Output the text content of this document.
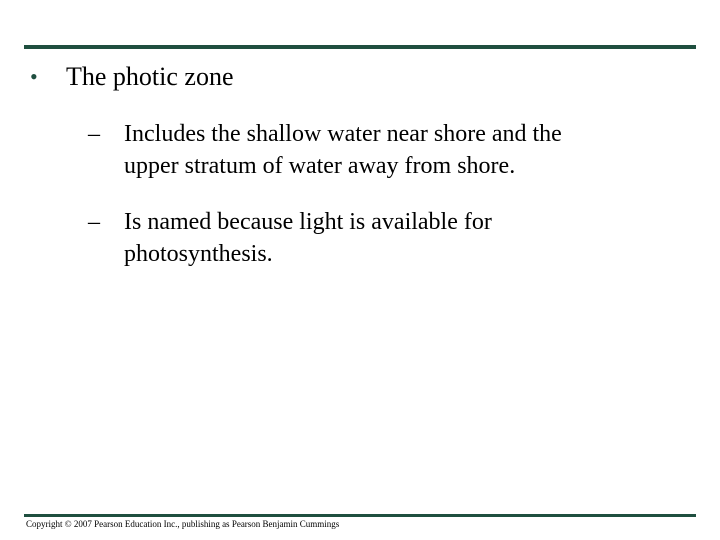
•	The photic zone
–	Includes the shallow water near shore and the
upper stratum of water away from shore.
–	Is named because light is available for
photosynthesis.
Copyright © 2007 Pearson Education Inc., publishing as Pearson Benjamin Cummings
